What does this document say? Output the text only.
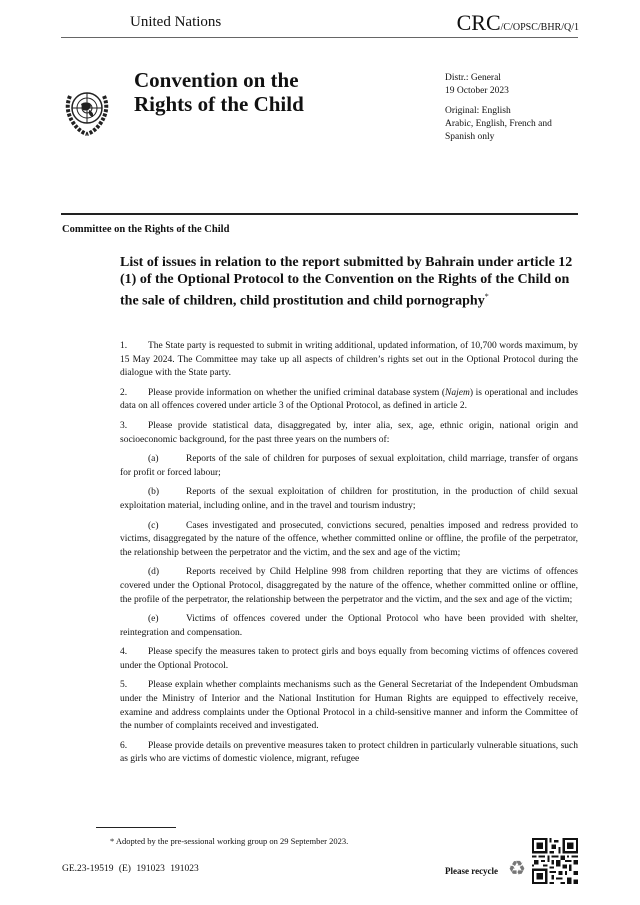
United Nations	CRC/C/OPSC/BHR/Q/1
Convention on the
Rights of the Child
Distr.: General
19 October 2023
Original: English
Arabic, English, French and
Spanish only
Committee on the Rights of the Child
List of issues in relation to the report submitted by Bahrain under article 12 (1) of the Optional Protocol to the Convention on the Rights of the Child on the sale of children, child prostitution and child pornography*

1. The State party is requested to submit in writing additional, updated information, of 10,700 words maximum, by 15 May 2024. The Committee may take up all aspects of children’s rights set out in the Optional Protocol during the dialogue with the State party.

2. Please provide information on whether the unified criminal database system (Najem) is operational and includes data on all offences covered under article 3 of the Optional Protocol, as defined in article 2.

3. Please provide statistical data, disaggregated by, inter alia, sex, age, ethnic origin, national origin and socioeconomic background, for the past three years on the numbers of:

(a)	Reports of the sale of children for purposes of sexual exploitation, child marriage, transfer of organs for profit or forced labour;

(b)	Reports of the sexual exploitation of children for prostitution, in the production of child sexual exploitation material, including online, and in the travel and tourism industry;

(c)	Cases investigated and prosecuted, convictions secured, penalties imposed and redress provided to victims, disaggregated by the nature of the offence, whether committed online or offline, the profile of the perpetrator, the relationship between the perpetrator and the victim, and the sex and age of the victim;

(d)	Reports received by Child Helpline 998 from children reporting that they are victims of offences covered under the Optional Protocol, disaggregated by the nature of the offence, whether committed online or offline, the profile of the perpetrator, the relationship between the perpetrator and the victim, and the sex and age of the victim;

(e)	Victims of offences covered under the Optional Protocol who have been provided with shelter, reintegration and compensation.

4. Please specify the measures taken to protect girls and boys equally from becoming victims of offences covered under the Optional Protocol.

5. Please explain whether complaints mechanisms such as the General Secretariat of the Independent Ombudsman under the Ministry of Interior and the National Institution for Human Rights are equipped to effectively receive, examine and address complaints under the Optional Protocol in a child-sensitive manner and inform the Committee of the number of complaints received and investigated.

6. Please provide details on preventive measures taken to protect children in particularly vulnerable situations, such as girls who are victims of domestic violence, migrant, refugee

* Adopted by the pre-sessional working group on 29 September 2023.
GE.23-19519 (E) 191023 191023	Please recycle ♻
